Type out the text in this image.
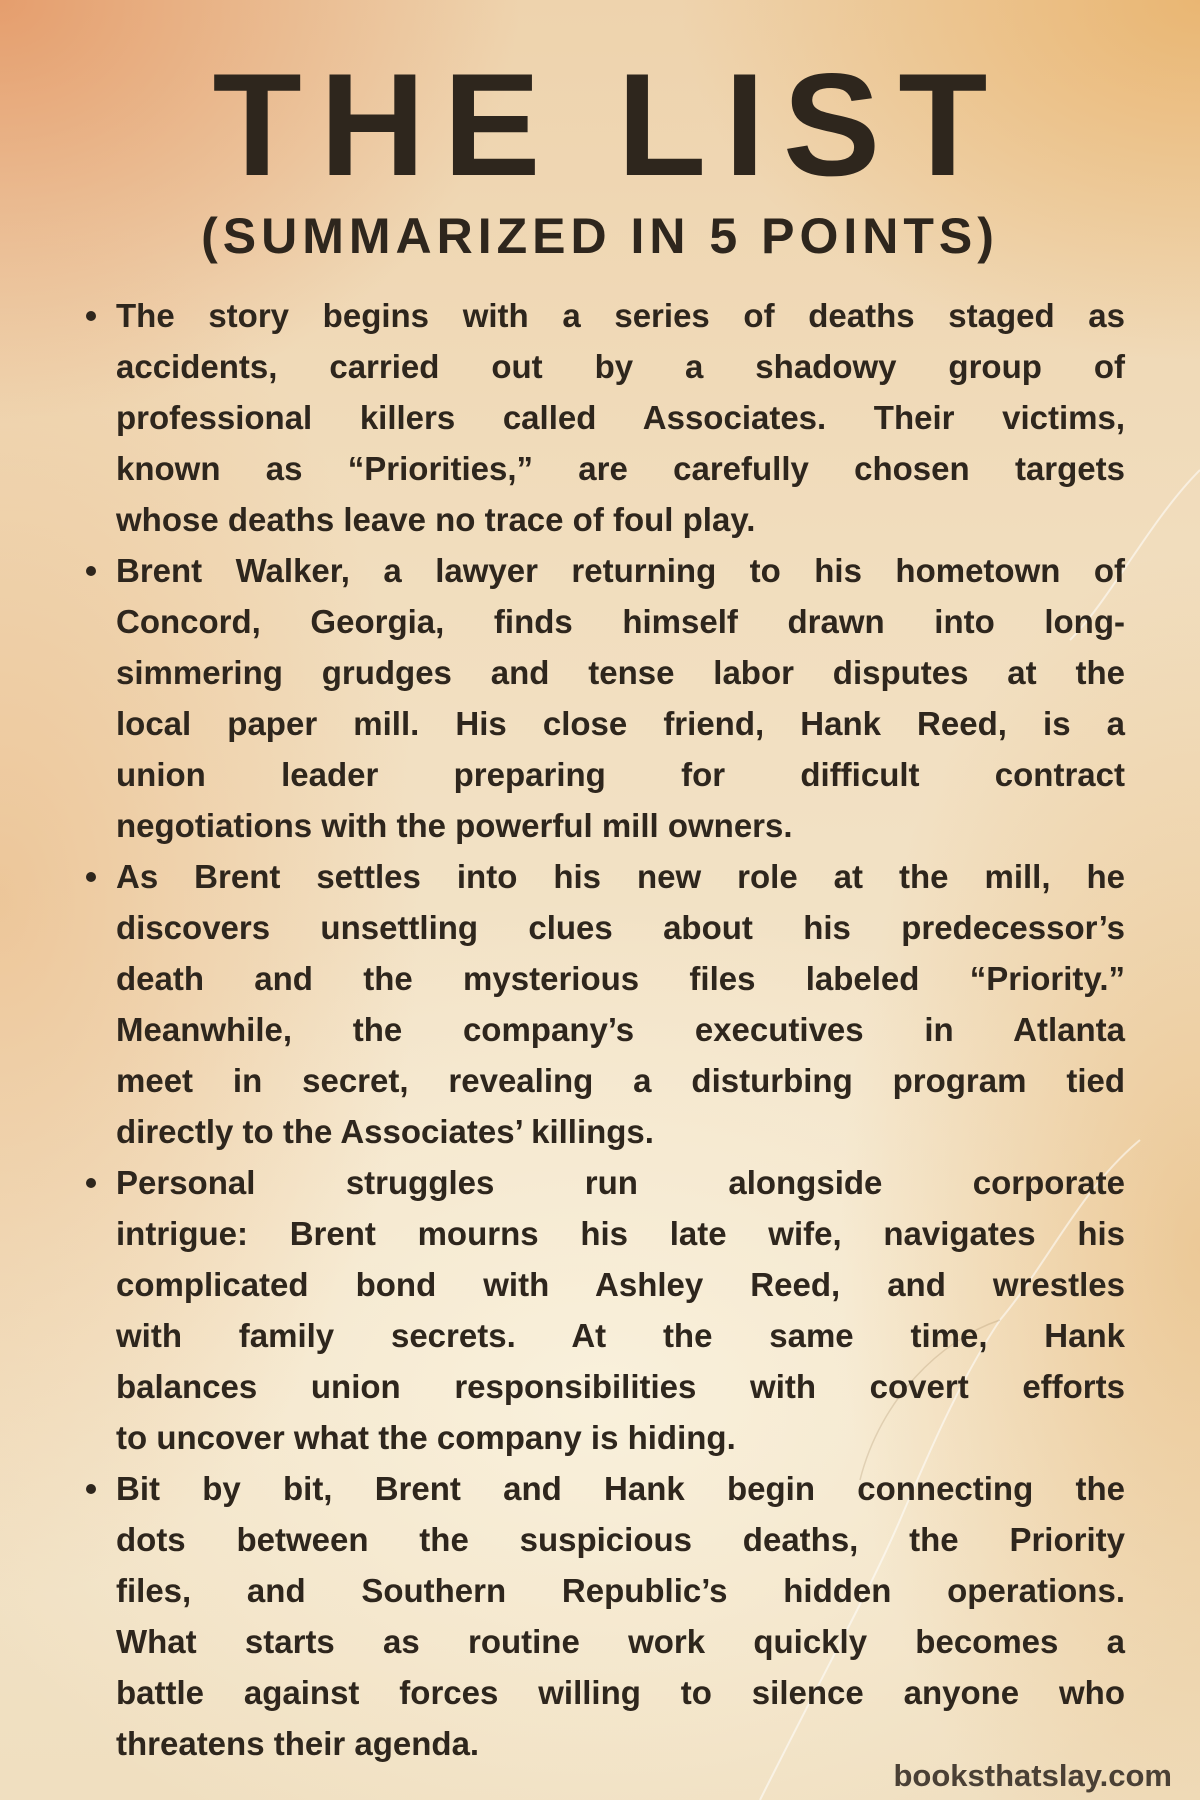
THE LIST
(SUMMARIZED IN 5 POINTS)
The story begins with a series of deaths staged as
accidents, carried out by a shadowy group of
professional killers called Associates. Their victims,
known as “Priorities,” are carefully chosen targets
whose deaths leave no trace of foul play.
Brent Walker, a lawyer returning to his hometown of
Concord, Georgia, finds himself drawn into long-
simmering grudges and tense labor disputes at the
local paper mill. His close friend, Hank Reed, is a
union leader preparing for difficult contract
negotiations with the powerful mill owners.
As Brent settles into his new role at the mill, he
discovers unsettling clues about his predecessor’s
death and the mysterious files labeled “Priority.”
Meanwhile, the company’s executives in Atlanta
meet in secret, revealing a disturbing program tied
directly to the Associates’ killings.
Personal struggles run alongside corporate
intrigue: Brent mourns his late wife, navigates his
complicated bond with Ashley Reed, and wrestles
with family secrets. At the same time, Hank
balances union responsibilities with covert efforts
to uncover what the company is hiding.
Bit by bit, Brent and Hank begin connecting the
dots between the suspicious deaths, the Priority
files, and Southern Republic’s hidden operations.
What starts as routine work quickly becomes a
battle against forces willing to silence anyone who
threatens their agenda.
booksthatslay.com
